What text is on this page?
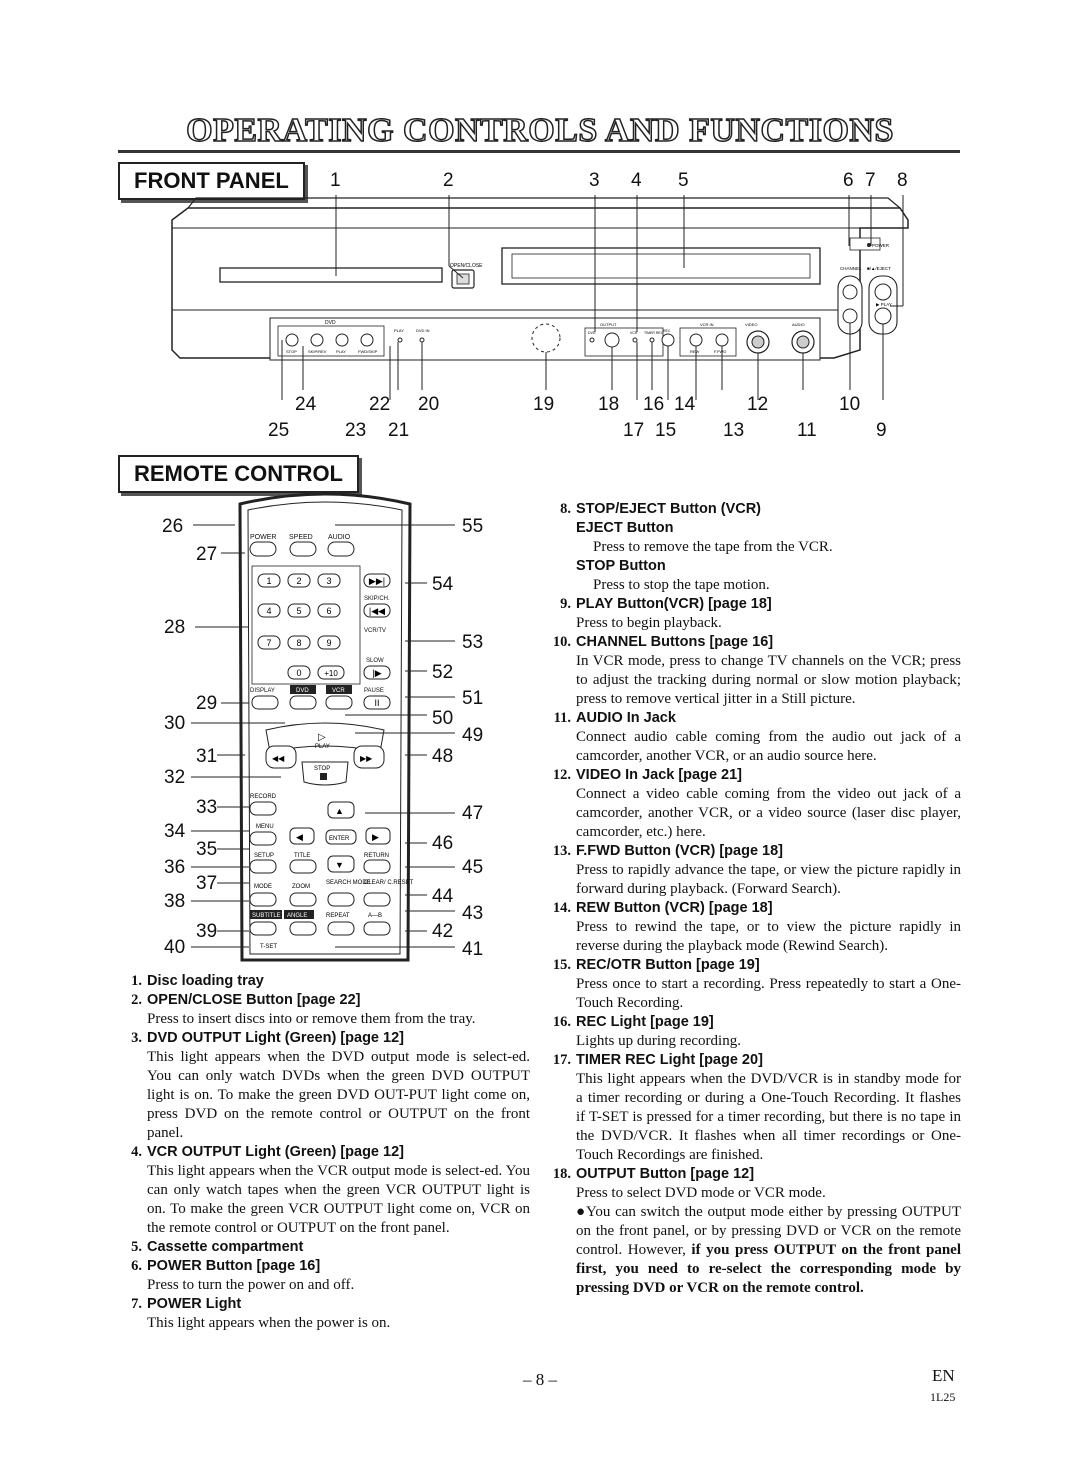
OPERATING CONTROLS AND FUNCTIONS
FRONT PANEL	1	2	3 4 5	6 7 8
OPEN/CLOSE
POWER
CHANNEL ■/▲/EJECT
▶ PLAY
DVD
STOP	SKIP/REV PLAY	FWD/SKIP
PLAY	DVD IN
OUTPUT
DVD	VCR TIMER REC REC
VCR IN
REW	F.FWD
VIDEO	AUDIO
24	22 20	19 18 16 14	12	10
25	23 21	17 15 13	11	9
REMOTE CONTROL
POWER SPEED AUDIO
1	2	3
4	5	6
7	8	9
0	+10
▶▶|
|◀◀
|▶
II
SKIP/CH.
VCR/TV
SLOW
PAUSE
DISPLAY	DVD	VCR
▷
PLAY
◀◀	▶▶
STOP
RECORD
▲
MENU
◀	ENTER	▶
SETUP	TITLE	RETURN
▼
MODE	ZOOM
SEARCH MODE
CLEAR/ C.RESET
SUBTITLE ANGLE	REPEAT	A—B
T-SET
26
27
28
29
30
31
32
33
34
35
36
37
38
39
40
55
54
53
52
51
50
49
48
47
46
45
44
43
42
41

1. Disc loading tray

2. OPEN/CLOSE Button [page 22]

Press to insert discs into or remove them from the tray.

3. DVD OUTPUT Light (Green) [page 12]

This light appears when the DVD output mode is select-ed. You can only watch DVDs when the green DVD OUTPUT light is on. To make the green DVD OUT-PUT light come on, press DVD on the remote control or OUTPUT on the front panel.

4. VCR OUTPUT Light (Green) [page 12]

This light appears when the VCR output mode is select-ed. You can only watch tapes when the green VCR OUTPUT light is on. To make the green VCR OUTPUT light come on, VCR on the remote control or OUTPUT on the front panel.

5. Cassette compartment

6. POWER Button [page 16]

Press to turn the power on and off.

7. POWER Light

This light appears when the power is on.

8. STOP/EJECT Button (VCR)

EJECT Button

Press to remove the tape from the VCR.

STOP Button

Press to stop the tape motion.

9. PLAY Button(VCR) [page 18]

Press to begin playback.

10. CHANNEL Buttons [page 16]

In VCR mode, press to change TV channels on the VCR; press to adjust the tracking during normal or slow motion playback; press to remove vertical jitter in a Still picture.

11. AUDIO In Jack

Connect audio cable coming from the audio out jack of a camcorder, another VCR, or an audio source here.

12. VIDEO In Jack [page 21]

Connect a video cable coming from the video out jack of a camcorder, another VCR, or a video source (laser disc player, camcorder, etc.) here.

13. F.FWD Button (VCR) [page 18]

Press to rapidly advance the tape, or view the picture rapidly in forward during playback. (Forward Search).

14. REW Button (VCR) [page 18]

Press to rewind the tape, or to view the picture rapidly in reverse during the playback mode (Rewind Search).

15. REC/OTR Button [page 19]

Press once to start a recording. Press repeatedly to start a One-Touch Recording.

16. REC Light [page 19]

Lights up during recording.

17. TIMER REC Light [page 20]

This light appears when the DVD/VCR is in standby mode for a timer recording or during a One-Touch Recording. It flashes if T-SET is pressed for a timer recording, but there is no tape in the DVD/VCR. It flashes when all timer recordings or One-Touch Recordings are finished.

18. OUTPUT Button [page 12]

Press to select DVD mode or VCR mode.

●You can switch the output mode either by pressing OUTPUT on the front panel, or by pressing DVD or VCR on the remote control. However, if you press OUTPUT on the front panel first, you need to re-select the corresponding mode by pressing DVD or VCR on the remote control.

– 8 –	EN
1L25
